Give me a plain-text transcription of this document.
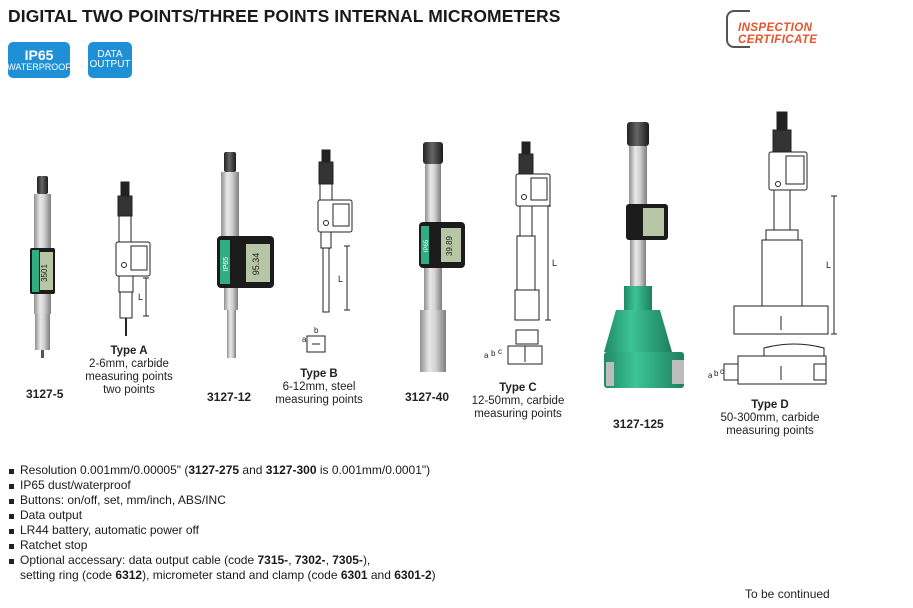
DIGITAL TWO POINTS/THREE POINTS INTERNAL MICROMETERS
IP65
WATERPROOF
DATA
OUTPUT
INSPECTION
CERTIFICATE
3501
L
IP65 95.34
L
a
b
IP65 39.89
L
a b c
L
a b c
3127-5	3127-12	3127-40
3127-125
Type A
2-6mm, carbide
measuring points
two points
Type B
6-12mm, steel
measuring points
Type C
12-50mm, carbide
measuring points
Type D
50-300mm, carbide
measuring points
Resolution 0.001mm/0.00005" (3127-275 and 3127-300 is 0.001mm/0.0001")
IP65 dust/waterproof
Buttons: on/off, set, mm/inch, ABS/INC
Data output
LR44 battery, automatic power off
Ratchet stop
Optional accessary: data output cable (code 7315-, 7302-, 7305-),
setting ring (code 6312), micrometer stand and clamp (code 6301 and 6301-2)
To be continued
